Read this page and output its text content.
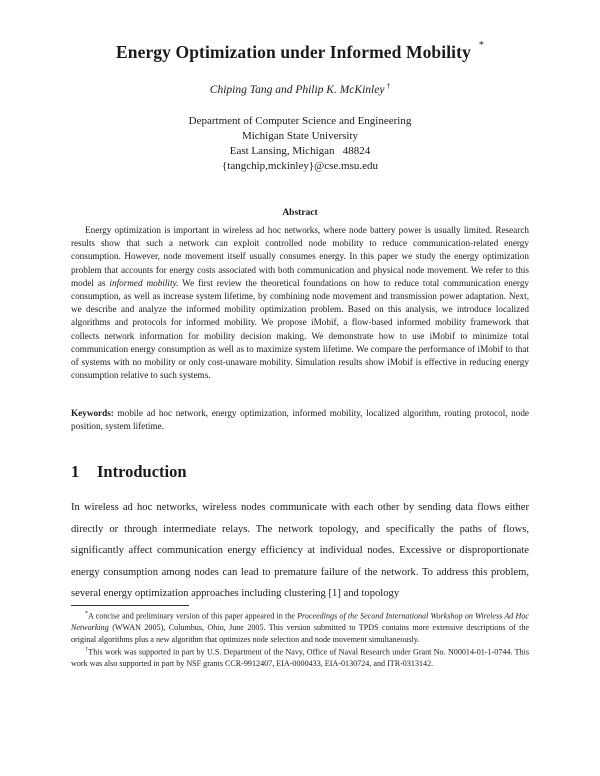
Energy Optimization under Informed Mobility *
Chiping Tang and Philip K. McKinley †
Department of Computer Science and Engineering
Michigan State University
East Lansing, Michigan   48824
{tangchip,mckinley}@cse.msu.edu
Abstract
Energy optimization is important in wireless ad hoc networks, where node battery power is usually limited. Research results show that such a network can exploit controlled node mobility to reduce communication-related energy consumption. However, node movement itself usually consumes energy. In this paper we study the energy optimization problem that accounts for energy costs associated with both communication and physical node movement. We refer to this model as informed mobility. We first review the theoretical foundations on how to reduce total communication energy consumption, as well as increase system lifetime, by combining node movement and transmission power adaptation. Next, we describe and analyze the informed mobility optimization problem. Based on this analysis, we introduce localized algorithms and protocols for informed mobility. We propose iMobif, a flow-based informed mobility framework that collects network information for mobility decision making. We demonstrate how to use iMobif to minimize total communication energy consumption as well as to maximize system lifetime. We compare the performance of iMobif to that of systems with no mobility or only cost-unaware mobility. Simulation results show iMobif is effective in reducing energy consumption relative to such systems.
Keywords: mobile ad hoc network, energy optimization, informed mobility, localized algorithm, routing protocol, node position, system lifetime.
1 Introduction
In wireless ad hoc networks, wireless nodes communicate with each other by sending data flows either directly or through intermediate relays. The network topology, and specifically the paths of flows, significantly affect communication energy efficiency at individual nodes. Excessive or disproportionate energy consumption among nodes can lead to premature failure of the network. To address this problem, several energy optimization approaches including clustering [1] and topology

*A concise and preliminary version of this paper appeared in the Proceedings of the Second International Workshop on Wireless Ad Hoc Networking (WWAN 2005), Columbus, Ohio, June 2005. This version submitted to TPDS contains more extensive descriptions of the original algorithms plus a new algorithm that optimizes node selection and node movement simultaneously.

†This work was supported in part by U.S. Department of the Navy, Office of Naval Research under Grant No. N00014-01-1-0744. This work was also supported in part by NSF grants CCR-9912407, EIA-0000433, EIA-0130724, and ITR-0313142.
